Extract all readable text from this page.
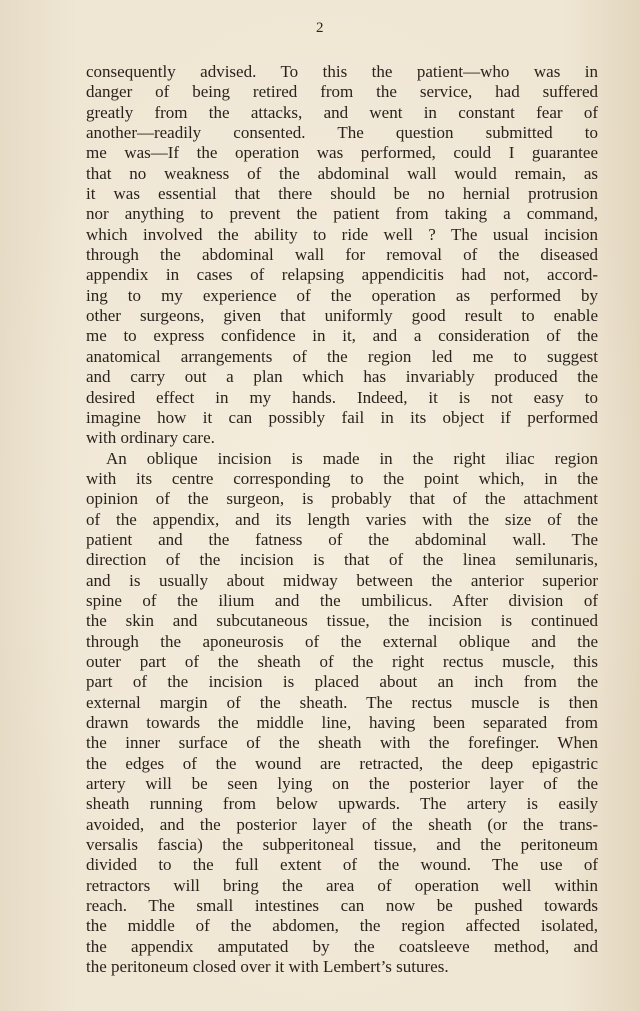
2
consequently advised. To this the patient—who was in
danger of being retired from the service, had suffered
greatly from the attacks, and went in constant fear of
another—readily consented. The question submitted to
me was—If the operation was performed, could I guarantee
that no weakness of the abdominal wall would remain, as
it was essential that there should be no hernial protrusion
nor anything to prevent the patient from taking a command,
which involved the ability to ride well ? The usual incision
through the abdominal wall for removal of the diseased
appendix in cases of relapsing appendicitis had not, accord-
ing to my experience of the operation as performed by
other surgeons, given that uniformly good result to enable
me to express confidence in it, and a consideration of the
anatomical arrangements of the region led me to suggest
and carry out a plan which has invariably produced the
desired effect in my hands. Indeed, it is not easy to
imagine how it can possibly fail in its object if performed
with ordinary care.
An oblique incision is made in the right iliac region
with its centre corresponding to the point which, in the
opinion of the surgeon, is probably that of the attachment
of the appendix, and its length varies with the size of the
patient and the fatness of the abdominal wall. The
direction of the incision is that of the linea semilunaris,
and is usually about midway between the anterior superior
spine of the ilium and the umbilicus. After division of
the skin and subcutaneous tissue, the incision is continued
through the aponeurosis of the external oblique and the
outer part of the sheath of the right rectus muscle, this
part of the incision is placed about an inch from the
external margin of the sheath. The rectus muscle is then
drawn towards the middle line, having been separated from
the inner surface of the sheath with the forefinger. When
the edges of the wound are retracted, the deep epigastric
artery will be seen lying on the posterior layer of the
sheath running from below upwards. The artery is easily
avoided, and the posterior layer of the sheath (or the trans-
versalis fascia) the subperitoneal tissue, and the peritoneum
divided to the full extent of the wound. The use of
retractors will bring the area of operation well within
reach. The small intestines can now be pushed towards
the middle of the abdomen, the region affected isolated,
the appendix amputated by the coatsleeve method, and
the peritoneum closed over it with Lembert’s sutures.
